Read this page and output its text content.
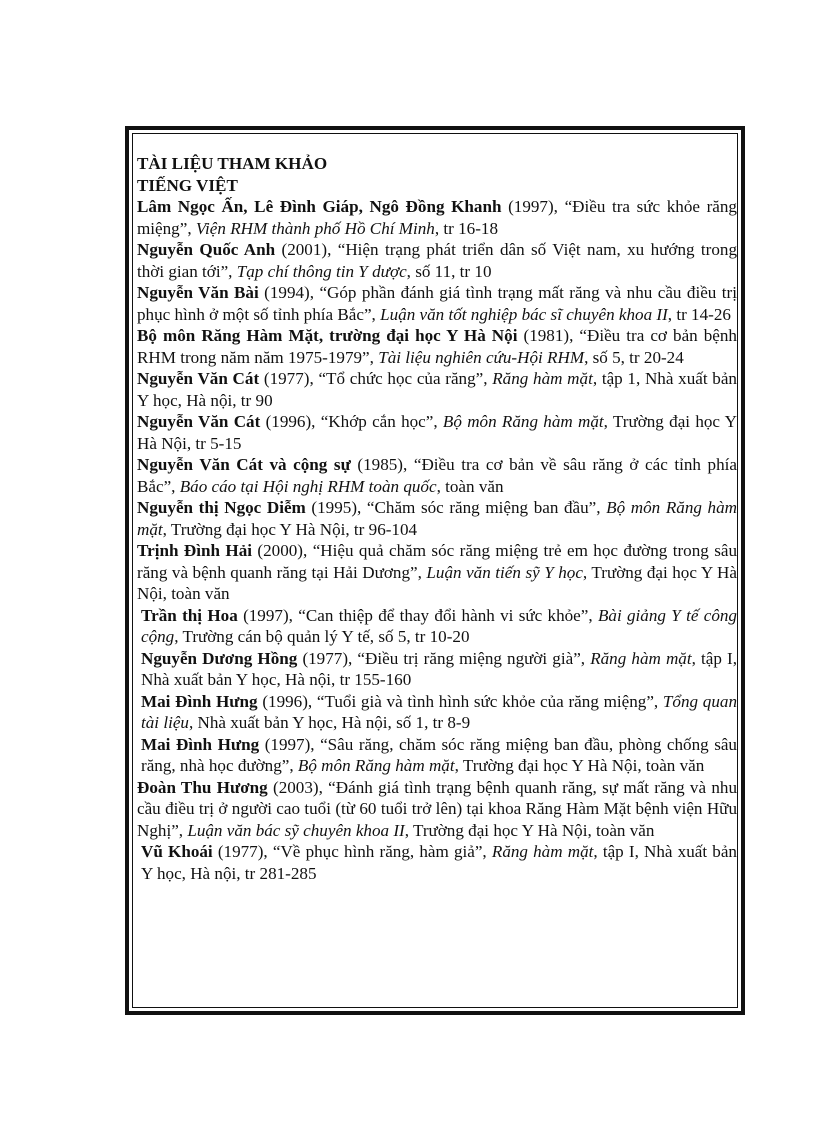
TÀI LIỆU THAM KHẢO
TIẾNG VIỆT

Lâm Ngọc Ấn, Lê Đình Giáp, Ngô Đồng Khanh (1997), “Điều tra sức khỏe răng miệng”, Viện RHM thành phố Hồ Chí Minh, tr 16-18

Nguyễn Quốc Anh (2001), “Hiện trạng phát triển dân số Việt nam, xu hướng trong thời gian tới”, Tạp chí thông tin Y dược, số 11, tr 10

Nguyễn Văn Bài (1994), “Góp phần đánh giá tình trạng mất răng và nhu cầu điều trị phục hình ở một số tỉnh phía Bắc”, Luận văn tốt nghiệp bác sĩ chuyên khoa II, tr 14-26

Bộ môn Răng Hàm Mặt, trường đại học Y Hà Nội (1981), “Điều tra cơ bản bệnh RHM trong năm năm 1975-1979”, Tài liệu nghiên cứu-Hội RHM, số 5, tr 20-24

Nguyễn Văn Cát (1977), “Tổ chức học của răng”, Răng hàm mặt, tập 1, Nhà xuất bản Y học, Hà nội, tr 90

Nguyễn Văn Cát (1996), “Khớp cắn học”, Bộ môn Răng hàm mặt, Trường đại học Y Hà Nội, tr 5-15

Nguyễn Văn Cát và cộng sự (1985), “Điều tra cơ bản về sâu răng ở các tỉnh phía Bắc”, Báo cáo tại Hội nghị RHM toàn quốc, toàn văn

Nguyễn thị Ngọc Diễm (1995), “Chăm sóc răng miệng ban đầu”, Bộ môn Răng hàm mặt, Trường đại học Y Hà Nội, tr 96-104

Trịnh Đình Hải (2000), “Hiệu quả chăm sóc răng miệng trẻ em học đường trong sâu răng và bệnh quanh răng tại Hải Dương”, Luận văn tiến sỹ Y học, Trường đại học Y Hà Nội, toàn văn

Trần thị Hoa (1997), “Can thiệp để thay đổi hành vi sức khỏe”, Bài giảng Y tế công cộng, Trường cán bộ quản lý Y tế, số 5, tr 10-20

Nguyễn Dương Hồng (1977), “Điều trị răng miệng người già”, Răng hàm mặt, tập I, Nhà xuất bản Y học, Hà nội, tr 155-160

Mai Đình Hưng (1996), “Tuổi già và tình hình sức khỏe của răng miệng”, Tổng quan tài liệu, Nhà xuất bản Y học, Hà nội, số 1, tr 8-9

Mai Đình Hưng (1997), “Sâu răng, chăm sóc răng miệng ban đầu, phòng chống sâu răng, nhà học đường”, Bộ môn Răng hàm mặt, Trường đại học Y Hà Nội, toàn văn

Đoàn Thu Hương (2003), “Đánh giá tình trạng bệnh quanh răng, sự mất răng và nhu cầu điều trị ở người cao tuổi (từ 60 tuổi trở lên) tại khoa Răng Hàm Mặt bệnh viện Hữu Nghị”, Luận văn bác sỹ chuyên khoa II, Trường đại học Y Hà Nội, toàn văn

Vũ Khoái (1977), “Về phục hình răng, hàm giả”, Răng hàm mặt, tập I, Nhà xuất bản Y học, Hà nội, tr 281-285
